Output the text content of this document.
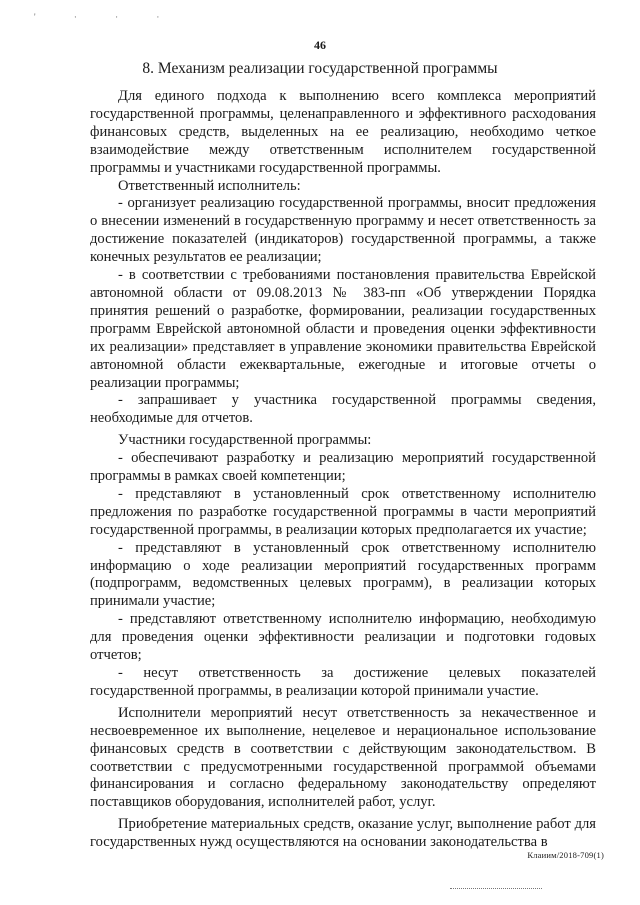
' · · ·
46
8. Механизм реализации государственной программы

Для единого подхода к выполнению всего комплекса мероприятий государственной программы, целенаправленного и эффективного расходования финансовых средств, выделенных на ее реализацию, необходимо четкое взаимодействие между ответственным исполнителем государственной программы и участниками государственной программы.

Ответственный исполнитель:

- организует реализацию государственной программы, вносит предложения о внесении изменений в государственную программу и несет ответственность за достижение показателей (индикаторов) государственной программы, а также конечных результатов ее реализации;

- в соответствии с требованиями постановления правительства Еврейской автономной области от 09.08.2013 № 383-пп «Об утверждении Порядка принятия решений о разработке, формировании, реализации государственных программ Еврейской автономной области и проведения оценки эффективности их реализации» представляет в управление экономики правительства Еврейской автономной области ежеквартальные, ежегодные и итоговые отчеты о реализации программы;

- запрашивает у участника государственной программы сведения, необходимые для отчетов.

Участники государственной программы:

- обеспечивают разработку и реализацию мероприятий государственной программы в рамках своей компетенции;

- представляют в установленный срок ответственному исполнителю предложения по разработке государственной программы в части мероприятий государственной программы, в реализации которых предполагается их участие;

- представляют в установленный срок ответственному исполнителю информацию о ходе реализации мероприятий государственных программ (подпрограмм, ведомственных целевых программ), в реализации которых принимали участие;

- представляют ответственному исполнителю информацию, необходимую для проведения оценки эффективности реализации и подготовки годовых отчетов;

- несут ответственность за достижение целевых показателей государственной программы, в реализации которой принимали участие.

Исполнители мероприятий несут ответственность за некачественное и несвоевременное их выполнение, нецелевое и нерациональное использование финансовых средств в соответствии с действующим законодательством. В соответствии с предусмотренными государственной программой объемами финансирования и согласно федеральному законодательству определяют поставщиков оборудования, исполнителей работ, услуг.

Приобретение материальных средств, оказание услуг, выполнение работ для государственных нужд осуществляются на основании законодательства в

Клаиим/2018-709(1)
